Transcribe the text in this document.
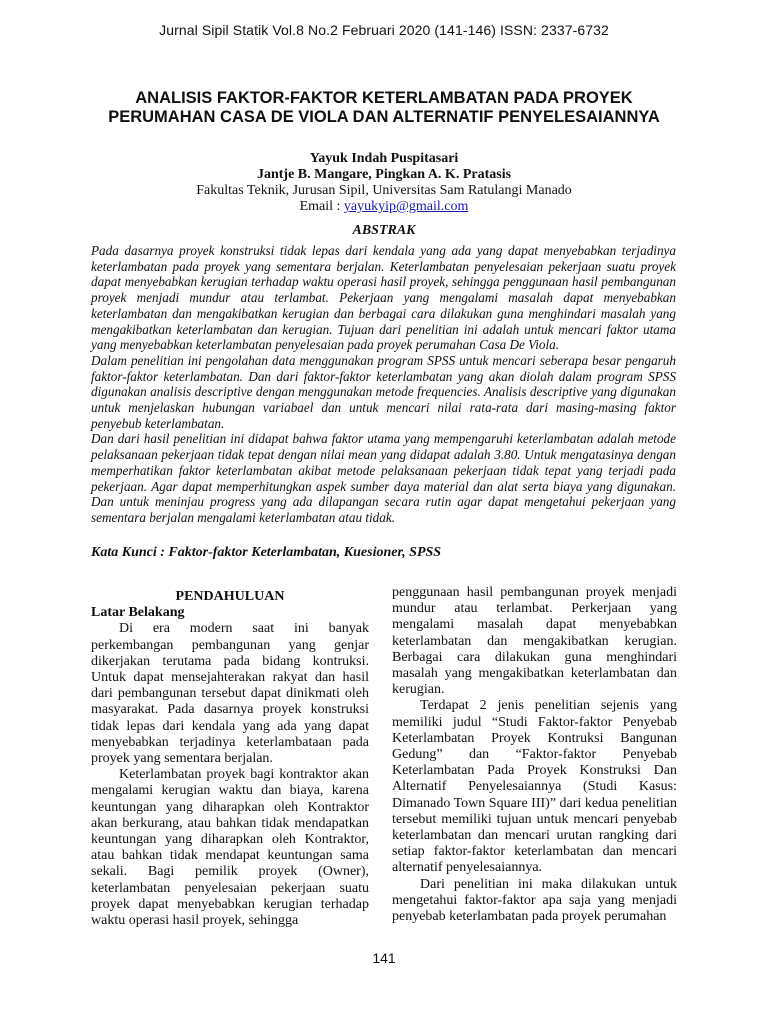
Jurnal Sipil Statik Vol.8 No.2 Februari 2020 (141-146) ISSN: 2337-6732
ANALISIS FAKTOR-FAKTOR KETERLAMBATAN PADA PROYEK PERUMAHAN CASA DE VIOLA DAN ALTERNATIF PENYELESAIANNYA
Yayuk Indah Puspitasari
Jantje B. Mangare, Pingkan A. K. Pratasis
Fakultas Teknik, Jurusan Sipil, Universitas Sam Ratulangi Manado
Email : yayukyip@gmail.com
ABSTRAK

Pada dasarnya proyek konstruksi tidak lepas dari kendala yang ada yang dapat menyebabkan terjadinya keterlambatan pada proyek yang sementara berjalan. Keterlambatan penyelesaian pekerjaan suatu proyek dapat menyebabkan kerugian terhadap waktu operasi hasil proyek, sehingga penggunaan hasil pembangunan proyek menjadi mundur atau terlambat. Pekerjaan yang mengalami masalah dapat menyebabkan keterlambatan dan mengakibatkan kerugian dan berbagai cara dilakukan guna menghindari masalah yang mengakibatkan keterlambatan dan kerugian. Tujuan dari penelitian ini adalah untuk mencari faktor utama yang menyebabkan keterlambatan penyelesaian pada proyek perumahan Casa De Viola.

Dalam penelitian ini pengolahan data menggunakan program SPSS untuk mencari seberapa besar pengaruh faktor-faktor keterlambatan. Dan dari faktor-faktor keterlambatan yang akan diolah dalam program SPSS digunakan analisis descriptive dengan menggunakan metode frequencies. Analisis descriptive yang digunakan untuk menjelaskan hubungan variabael dan untuk mencari nilai rata-rata dari masing-masing faktor penyebub keterlambatan.

Dan dari hasil penelitian ini didapat bahwa faktor utama yang mempengaruhi keterlambatan adalah metode pelaksanaan pekerjaan tidak tepat dengan nilai mean yang didapat adalah 3.80. Untuk mengatasinya dengan memperhatikan faktor keterlambatan akibat metode pelaksanaan pekerjaan tidak tepat yang terjadi pada pekerjaan. Agar dapat memperhitungkan aspek sumber daya material dan alat serta biaya yang digunakan. Dan untuk meninjau progress yang ada dilapangan secara rutin agar dapat mengetahui pekerjaan yang sementara berjalan mengalami keterlambatan atau tidak.

Kata Kunci : Faktor-faktor Keterlambatan, Kuesioner, SPSS

PENDAHULUAN

Latar Belakang

Di era modern saat ini banyak perkembangan pembangunan yang genjar dikerjakan terutama pada bidang kontruksi. Untuk dapat mensejahterakan rakyat dan hasil dari pembangunan tersebut dapat dinikmati oleh masyarakat. Pada dasarnya proyek konstruksi tidak lepas dari kendala yang ada yang dapat menyebabkan terjadinya keterlambataan pada proyek yang sementara berjalan.

Keterlambatan proyek bagi kontraktor akan mengalami kerugian waktu dan biaya, karena keuntungan yang diharapkan oleh Kontraktor akan berkurang, atau bahkan tidak mendapatkan keuntungan yang diharapkan oleh Kontraktor, atau bahkan tidak mendapat keuntungan sama sekali. Bagi pemilik proyek (Owner), keterlambatan penyelesaian pekerjaan suatu proyek dapat menyebabkan kerugian terhadap waktu operasi hasil proyek, sehingga

penggunaan hasil pembangunan proyek menjadi mundur atau terlambat. Perkerjaan yang mengalami masalah dapat menyebabkan keterlambatan dan mengakibatkan kerugian. Berbagai cara dilakukan guna menghindari masalah yang mengakibatkan keterlambatan dan kerugian.

Terdapat 2 jenis penelitian sejenis yang memiliki judul “Studi Faktor-faktor Penyebab Keterlambatan Proyek Kontruksi Bangunan Gedung” dan “Faktor-faktor Penyebab Keterlambatan Pada Proyek Konstruksi Dan Alternatif Penyelesaiannya (Studi Kasus: Dimanado Town Square III)” dari kedua penelitian tersebut memiliki tujuan untuk mencari penyebab keterlambatan dan mencari urutan rangking dari setiap faktor-faktor keterlambatan dan mencari alternatif penyelesaiannya.

Dari penelitian ini maka dilakukan untuk mengetahui faktor-faktor apa saja yang menjadi penyebab keterlambatan pada proyek perumahan

141
